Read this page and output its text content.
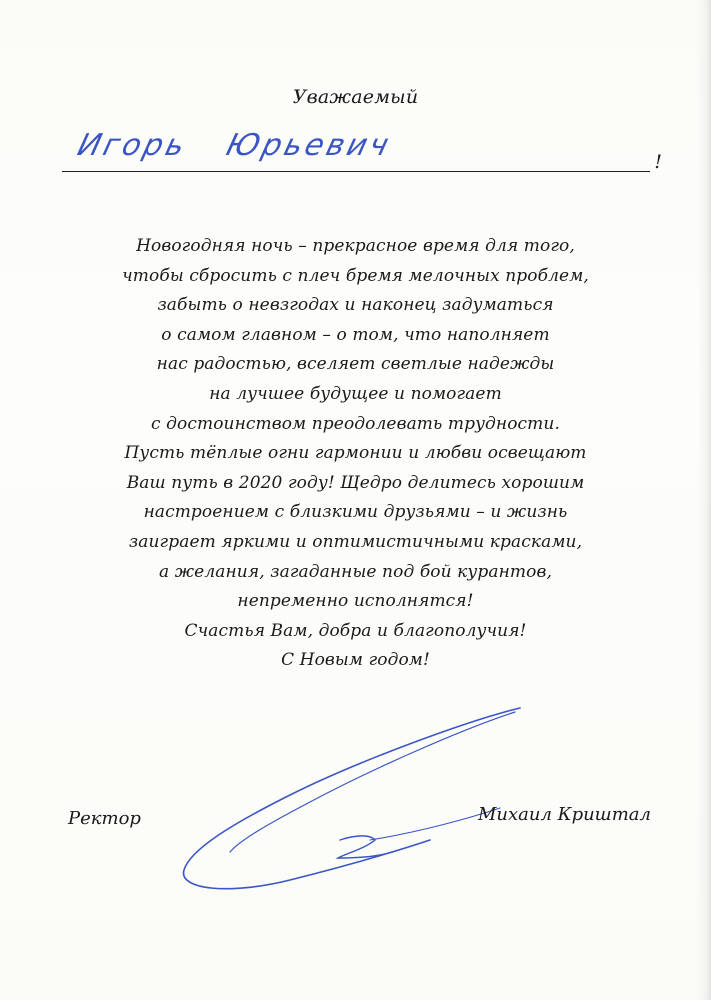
Уважаемый
Игорь Юрьевич	!
Новогодняя ночь – прекрасное время для того,
чтобы сбросить с плеч бремя мелочных проблем,
забыть о невзгодах и наконец задуматься
о самом главном – о том, что наполняет
нас радостью, вселяет светлые надежды
на лучшее будущее и помогает
с достоинством преодолевать трудности.
Пусть тёплые огни гармонии и любви освещают
Ваш путь в 2020 году! Щедро делитесь хорошим
настроением с близкими друзьями – и жизнь
заиграет яркими и оптимистичными красками,
а желания, загаданные под бой курантов,
непременно исполнятся!
Счастья Вам, добра и благополучия!
С Новым годом!
Ректор	Михаил Криштал
